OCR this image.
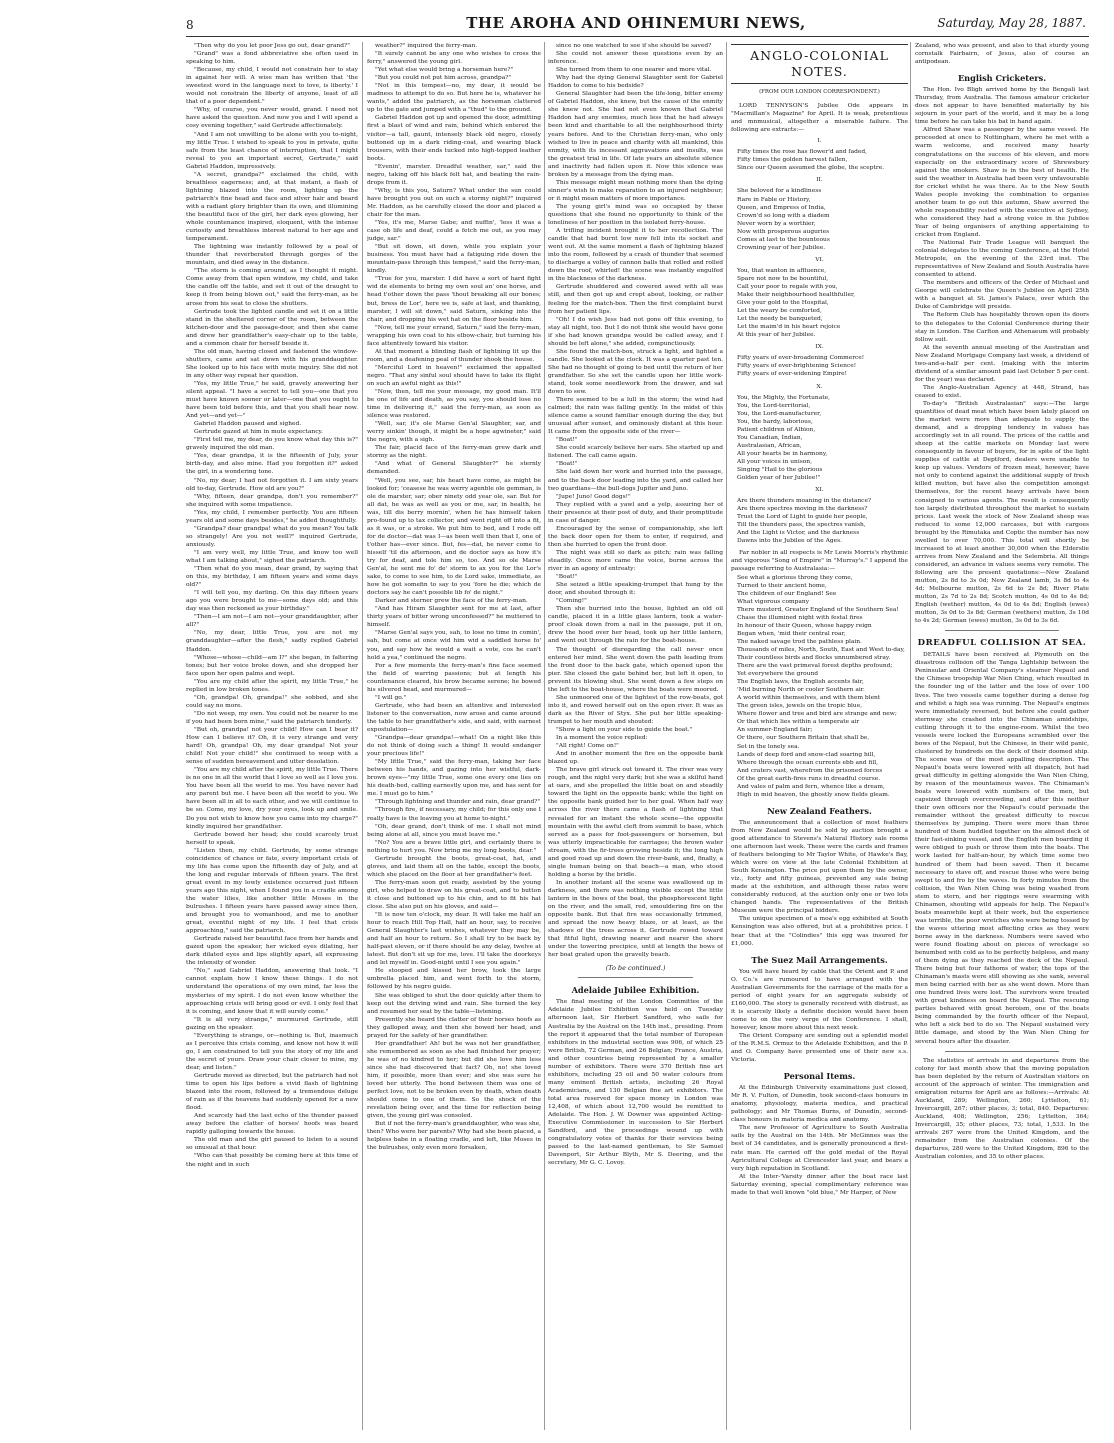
8	THE AROHA AND OHINEMURI NEWS,	Saturday, May 28, 1887.

"Then why do you let poor Jess go out, dear grand?"

"Grand" was a fond abbreviative she often used in speaking to him.

"Because, my child, I would not constrain her to stay in against her will. A wise man has written that 'the sweetest word in the language next to love, is liberty.' I would not constrain the liberty of anyone, least of all that of a poor dependent."

"Why, of course, you never would, grand. I need not have asked the question. And now you and I will spend a cosy evening together," said Gertrude affectionately.

"And I am not unwilling to be alone with you to-night, my little True. I wished to speak to you in private, quite safe from the least chance of interruption, that I might reveal to you an important secret, Gertrude," said Gabriel Haddon, impressively.

"A secret, grandpa?" exclaimed the child, with breathless eagerness; and, at that instant, a flash of lightning blazed into the room, lighting up the patriarch's fine head and face and silver hair and beard with a radiant glory brighter than its own, and illumining the beautiful face of the girl, her dark eyes glowing, her whole countenance inspired, eloquent, with the intense curiosity and breathless interest natural to her age and temperament.

The lightning was instantly followed by a peal of thunder that reverberated through gorges of the mountain, and died away in the distance.

"The storm is coming around, as I thought it might. Come away from that open window, my child, and take the candle off the table, and set it out of the draught to keep it from being blown out," said the ferry-man, as he arose from his seat to close the shutters.

Gertrude took the lighted candle and set it on a little stand in the sheltered corner of the room, between the kitchen-door and the passage-door, and then she came and drew her grandfather's easy-chair up to the table, and a common chair for herself beside it.

The old man, having closed and fastened the window-shutters, came and sat down with his granddaughter. She looked up to his face with mute inquiry. She did not in any other way repeat her question.

"Yes, my little True," he said, gravely answering her silent appeal. "I have a secret to tell you—one that you must have known sooner or later—one that you ought to have been told before this, and that you shall hear now. And yet—and yet—"

Gabriel Haddon paused and sighed.

Gertrude gazed at him in mute expectancy.

"First tell me, my dear, do you know what day this is?" gravely inquired the old man.

"Yes, dear grandpa, it is the fifteenth of July, your birth-day, and also mine. Had you forgotten it?" asked the girl, in a wondering tone.

"No, my dear; I had not forgotten it. I am sixty years old to-day, Gertrude. How old are you?"

"Why, fifteen, dear grandpa, don't you remember?" she inquired with some impatience.

"Yes, my child, I remember perfectly. You are fifteen years old and some days besides," he added thoughtfully.

"Grandpa? dear grandpa! what do you mean? You talk so strangely! Are you not well?" inquired Gertrude, anxiously.

"I am very well, my little True, and know too well what I am talking about," sighed the patriarch.

"Then what do you mean, dear grand, by saying that on this, my birthday, I am fifteen years and some days old?"

"I will tell you, my darling. On this day fifteen years ago you were brought to me—some days old; and this day was then reckoned as your birthday."

"Then—I am not—I am not—your granddaughter, after all?"

"No, my dear, little True, you are not my granddaughter—after the flesh," sadly replied Gabriel Haddon.

"Whose—whose—child—am I?" she began, in faltering tones; but her voice broke down, and she dropped her face upon her open palms and wept.

"You are my child after the spirit, my little True," he replied in low broken tones.

"Oh, grandpa! Oh, grandpa!" she sobbed, and she could say no more.

"Do not weep, my own. You could not be nearer to me if you had been born mine," said the patriarch tenderly.

"But oh, grandpa! not your child! How can I bear it? How can I believe it? Oh, it is very strange and very hard! Oh, grandpa! Oh, my dear grandpa! Not your child! Not your child!" she continued to weep with a sense of sudden bereavement and utter desolation.

"You are my child after the spirit, my little True. There is no one in all the world that I love so well as I love you. You have been all the world to me. You have never had any parent but me. I have been all the world to you. We have been all in all to each other, and we will continue to be so. Come, my love, dry your eyes, look up and smile. Do you not wish to know how you came into my charge?" kindly inquired her grandfather.

Gertrude bowed her head; she could scarcely trust herself to speak.

"Listen then, my child. Gertrude, by some strange coincidence of chance or fate, every important crisis of my life has come upon the fifteenth day of July, and at the long and regular intervals of fifteen years. The first great event in my lowly existence occurred just fifteen years ago this night, when I found you in a cradle among the water lilies, like another little Moses in the bulrushes. I fifteen years have passed away since then, and brought you to womanhood, and me to another great, eventful night of my life. I feel that crisis approaching," said the patriarch.

Gertrude raised her beautiful face from her hands and gazed upon the speaker, her wicked eyes dilating, her dark dilated eyes and lips slightly apart, all expressing the intensity of wonder.

"No," said Gabriel Haddon, answering that look. "I cannot explain how I know these things. I do not understand the operations of my own mind, far less the mysteries of my spirit. I do not even know whether the approaching crisis will bring good or evil. I only feel that it is coming, and know that it will surely come."

"It is all very strange," murmured Gertrude, still gazing on the speaker.

"Everything is strange, or—nothing is. But, inasmuch as I perceive this crisis coming, and know not how it will go, I am constrained to tell you the story of my life and the secret of yours. Draw your chair closer to mine, my dear, and listen."

Gertrude moved as directed, but the patriarch had not time to open his lips before a vivid flash of lightning blazed into the room, followed by a tremendous deluge of rain as if the heavens had suddenly opened for a new flood.

And scarcely had the last echo of the thunder passed away before the clatter of horses' hoofs was heard rapidly galloping towards the house.

The old man and the girl paused to listen to a sound so unusual at that hour.

"Who can that possibly be coming here at this time of the night and in such

weather?" inquired the ferry-man.

"It surely cannot be any one who wishes to cross the ferry," answered the young girl.

"Yet what else would bring a horseman here?"

"But you could not put him across, grandpa?"

"Not in this tempest—no, my dear, it would be madness to attempt to do so. But here he is, whatever he wants," added the patriarch, as the horseman clattered up to the gate and jumped with a "thud" to the ground.

Gabriel Haddon got up and opened the door, admitting first a blast of wind and rain, behind which entered the visitor—a tall, gaunt, intensely black old negro, closely buttoned up in a dark riding-coat, and wearing black trousers, with their ends tucked into high-topped leather boots.

"Evenin', marster. Dreadful weather, sar," said the negro, taking off his black felt hat, and beating the rain-drops from it.

"Why, is this you, Saturn? What under the sun could have brought you out on such a stormy night?" inquired Mr. Haddon, as he carefully closed the door and placed a chair for the man.

"Yes, it's me, Marse Gabe; and nuffin', 'less it was a case ob life and deaf, could a fetch me out, as you may judge, sar."

"But sit down, sit down, while you explain your business. You must have had a fatiguing ride down the mountain-pass through this tempest," said the ferry-man, kindly.

"True for you, marster. I did have a sort of hard fight wid de elements to bring my own soul an' one horse, and head t'other down the pass 'thout breaking all our bones; but, bress de Lor', here we is, safe at last, and thanking, marster, I will sit down," said Saturn, sinking into the chair, and dropping his wet hat on the floor beside him.

"Now, tell me your errand, Saturn," said the ferry-man, wrapping his own coat to his elbow-chair, but turning his face attentively toward his visitor.

At that moment a blinding flash of lightning lit up the room, and a deafening peal of thunder shook the house.

"Merciful Lord in heaven!" exclaimed the appalled negro. "That any sinful soul should have to take its flight on such an awful night as this!"

"Now, then, tell me your message, my good man. It'll be one of life and death, as you say, you should lose no time in delivering it," said the ferry-man, as soon as silence was restored.

"Well, sar, it's ole Marse Gen'al Slaughter, sar, and werry sinkin' though, it might be a hope agwineter," said the negro, with a sigh.

The fair, placid face of the ferry-man grew dark and stormy as the night.

"And what of General Slaughter?" he sternly demanded.

"Well, you see, sar, his heart have come, as might be looked for; 'ceasese he was werry agenble ole gemman, is ole de marster, sar; ober ninety odd year ole, sar. But for all dat, he was as well as you or me, sar, in health, he was, till dis berry mornin', when he has himself taken pro-found up to tax collector, and went right off into a fit, as it was, or a stroke. We put him to bed, and I rode off for de doctor—dat was I—as been well then that I, one of t'other has—ever since. But, fes—dat, he never come to hisself 'til dis afternoon, and de doctor says as how it's try for deaf, and tole him so, too. And so ole Marse Gen'al, he sent me fo' de' storm to ax you for the Lor's sake, to come to see him, to de Lord sake, immediate, as how he got somefin to say to you 'fore he die; which de doctors say he can't possible lib fo' de night."

Darker and sterner grew the face of the ferry-man.

"And has Hiram Slaughter sent for me at last, after thirty years of bitter wrong unconfessed?" he muttered to himself.

"Marse Gen'al says you, sah, to lose no time in comin', sah, but come at once wid him wid a saddled horse fo' you, and say how he would a wait a vote, cos he can't hold a yea," continued the negro.

For a few moments the ferry-man's fine face seemed the field of warring passions; but at length his countenance cleared, his brow became serene; he bowed his silvered head, and murmured—

"I will go."

Gertrude, who had been an attentive and interested listener to the conversation, now arose and came around the table to her grandfather's side, and said, with earnest expostulation—

"Grandpa—dear grandpa!—what! On a night like this do not think of doing such a thing! It would endanger your precious life!"

"My little True," said the ferry-man, taking her face between his hands, and gazing into her wistful, dark-brown eyes—"my little True, some one every one lies on his death-bed, calling earnestly upon me, and has sent for me. I must go to him."

"Through lightning and thunder and rain, dear grand?"

"Through fire, if necessary, my child; for this only one I really have is the leaving you at home to-night."

"Oh, dear grand, don't think of me. I shall not mind being alone at all, since you must leave me."

"No? You are a brave little girl, and certainly there is nothing to hurt you. Now bring me my long boots, dear."

Gertrude brought the boots, great-coat, hat, and gloves, and laid them all on the table, except the boots, which she placed on the floor at her grandfather's feet.

The ferry-man soon got ready, assisted by the young girl, who helped to draw on his great-coat, and to button it close and buttoned up to his chin, and to fit his hat close. She also put on his gloves, and said—

"It is now ten o'clock, my dear. It will take me half an hour to reach Hill Top Hall, half an hour, say, to receive General Slaughter's last wishes, whatever they may be, and half an hour to return. So I shall try to be back by half-past eleven, or if there should be any delay, twelve at latest. But don't sit up for me, love. I'll take the doorkeys and let myself in. Good-night until I see you again."

He stooped and kissed her brow, took the large umbrella placed him, and went forth to the storm, followed by his negro guide.

She was obliged to shut the door quickly after them to keep out the driving wind and rain. She turned the key and resumed her seat by the table—listening.

Presently she heard the clatter of their horses hoofs as they galloped away, and then she bowed her head, and prayed for the safety of her grandfather.

Her grandfather! Ah! but he was not her grandfather, she remembered as soon as she had finished her prayer; he was of no kindred to her; but did she love him less since she had discovered that fact? Oh, no! she loved him, if possible, more than ever; and she was sure he loved her utterly. The bond between them was one of perfect love, not to be broken even by death, when death should come to one of them. So the shock of the revelation being over, and the time for reflection being given, the young girl was consoled.

But if not the ferry-man's granddaughter, who was she, then? Who were her parents? Why had she been placed, a helpless babe in a floating cradle, and left, like Moses in the bulrushes, only even more forsaken,

since no one watched to see if she should be saved?

She could not answer these questions even by an inference.

She turned from them to one nearer and more vital.

Why had the dying General Slaughter sent for Gabriel Haddon to come to his bedside?

General Slaughter had been the life-long, bitter enemy of Gabriel Haddon, she knew, but the cause of the enmity she knew not. She had not even known that Gabriel Haddon had any enemies, much less that he had always been kind and charitable to all the neighbourhood thirty years before. And to the Christian ferry-man, who only wished to live in peace and charity with all mankind, this enmity, with its incessant aggravations and insults, was the greatest trial in life. Of late years an absolute silence and inactivity had fallen upon it. Now this silence was broken by a message from the dying man.

This message might mean nothing more than the dying sinner's wish to make reparation to an injured neighbour; or it might mean matters of more importance.

The young girl's mind was so occupied by these questions that she found no opportunity to think of the loneliness of her position in the isolated ferry-house.

A trifling incident brought it to her recollection. The candle that had burnt low now fell into its socket and went out. At the same moment a flash of lightning blazed into the room, followed by a crash of thunder that seemed to discharge a volley of cannon balls that rolled and rolled down the roof, whirled! the scene was instantly engulfed in the blackness of the darkness.

Gertrude shuddered and cowered awed with all was still, and then got up and crept about, looking, or rather feeling for the match-box. Then the first complaint burst from her patient lips.

"Oh! I do wish Jess had not gone off this evening, to stay all night, too. But I do not think she would have gone if she had known grandpa would be called away, and I should be left alone," she added, compunctiously.

She found the match-box, struck a light, and lighted a candle. She looked at the clock. It was a quarter past ten. She had no thought of going to bed until the return of her grandfather. So she set the candle upon her little work-stand, took some needlework from the drawer, and sat down to sew.

There seemed to be a lull in the storm; the wind had calmed; the rain was falling gently. In the midst of this silence came a sound familiar enough during the day, but unusual after sunset, and ominously distant at this hour. It came from the opposite side of the river—

"Boat!"

She could scarcely believe her ears. She started up and listened. The call came again.

"Boat!"

She laid down her work and hurried into the passage, and to the back door leading into the yard, and called her two guardians—the bull-dogs Jupiter and Juno.

"Jupe! Juno! Good dogs!"

They replied with a yawl and a yelp, assuring her of their presence at their post of duty, and their promptitude in case of danger.

Encouraged by the sense of companionship, she left the back door open for them to enter, if required, and then she hurried to open the front door.

The night was still so dark as pitch; rain was falling steadily. Once more came the voice, borne across the river in an agony of entreaty:

"Boat!"

She seized a little speaking-trumpet that hung by the door, and shouted through it:

"Coming!"

Then she hurried into the house, lighted an old oil candle, placed it in a little glass lantern, took a water-proof cloak down from a nail in the passage, put it on, drew the hood over her head, took up her little lantern, and went out through the rain for the boat-house.

The thought of disregarding the call never once entered her mind. She went down the path leading from the front door to the back gate, which opened upon the pier. She closed the gate behind her, but left it open, to prevent its blowing shut. She went down a few steps on the left to the boat-house, where the boats were moored.

She unmoored one of the lightest of the row-boats, got into it, and rowed herself out on the open river. It was as dark as the River of Styx. She put her little speaking-trumpet to her mouth and shouted:

"Show a light on your side to guide the boat."

In a moment the voice replied:

"All right! Come on!"

And in another moment the fire on the opposite bank blazed up.

The brave girl struck out toward it. The river was very rough, and the night very dark; but she was a skilful hand at oars, and she propelled the little boat on and steadily toward the light on the opposite bank; while the light on the opposite bank guided her to her goal. When half way across the river there came a flash of lightning that revealed for an instant the whole scene—the opposite mountain with the awful cleft from summit to base, which served as a pass for foot-passengers or horsemen, but was utterly impracticable for carriages; the brown water stream, with the fir-trees growing beside it; the long high and good road up and down the river-bank, and, finally, a single human being on that beach—a man, who stood holding a horse by the bridle.

In another instant all the scene was swallowed up in darkness, and there was nothing visible except the little lantern in the bows of the boat, the phosphorescent light on the river, and the small, red, smouldering fire on the opposite bank. But that fire was occasionally trimmed, and spread the now heavy blaze, or at least, as the shadows of the trees across it. Gertrude rowed toward that fitful light, drawing nearer and nearer the shore under the towering precipice, until at length the bows of her boat grated upon the gravelly beach.

(To be continued.)
Adelaide Jubilee Exhibition.

The final meeting of the London Committee of the Adelaide Jubilee Exhibition was held on Tuesday afternoon last, Sir Herbert Sandford, who sails for Australia by the Austral on the 14th inst., presiding. From the report it appeared that the total number of European exhibitors in the industrial section was 906, of which 25 were British, 72 German, and 26 Belgian; France, Austria, and other countries being represented by a smaller number of exhibitors. There were 370 British fine art exhibitors, including 25 oil and 50 water colours from many eminent British artists, including 26 Royal Academicians, and 130 Belgian fine art exhibitors. The total area reserved for space money in London was 12,408, of which about 12,700 would be remitted to Adelaide. The Hon. J. W. Downer was appointed Acting-Executive Commissioner in succession to Sir Herbert Sandford, and the proceedings wound up with congratulatory votes of thanks for their services being passed to the last-named gentleman, to Sir Samuel Davenport, Sir Arthur Blyth, Mr S. Deering, and the secretary, Mr G. C. Lovoy.

ANGLO-COLONIAL NOTES.
(FROM OUR LONDON CORRESPONDENT.)

LORD TENNYSON'S Jubilee Ode appears in "Macmillan's Magazine" for April. It is weak, pretentious and mnmusical, altogether a miserable failure. The following are extracts:—

I.
Fifty times the rose has flower'd and faded,
Fifty times the golden harvest fallen,
Since our Queen assumed the globe, the sceptre.
II.
She beloved for a kindliness
Rare in Fable or History,
Queen, and Empress of India,
Crown'd so long with a diadem
Never worn by a worthier,
Now with prosperous auguries
Comes at last to the bounteous
Crowning year of her Jubilee.
VI.
You, that wanton in affluence,
Spare not now to be bountiful,
Call your poor to regale with you,
Make their neighbourhood healthfuller,
Give your gold to the Hospital,
Let the weary be comforted,
Let the needy be banqueted,
Let the maim'd in his heart rejoice
At this year of her Jubilee.
IX.
Fifty years of ever-broadening Commerce!
Fifty years of ever-brightening Science!
Fifty years of ever-widening Empire!
X.
You, the Mighty, the Fortunate,
You, the Lord-territorial,
You, the Lord-manufacturer,
You, the hardy, laborious,
Patient children of Albion,
You Canadian, Indian,
Australasian, African,
All your hearts be in harmony,
All your voices in unison,
Singing "Hail to the glorious
Golden year of her Jubilee!"
XI.
Are there thunders moaning in the distance?
Are there spectres moving in the darkness?
Trust the Lord of Light to guide her people,
Till the thunders pass, the spectres vanish,
And the Light is Victor, and the darkness
Dawns into the Jubilee of the Ages.

Far nobler in all respects is Mr Lewis Morris's rhythmic and vigorous "Song of Empire" in "Murray's." I append the passage referring to Australasia:—

See what a glorious throng they come,
Turned to their ancient home,
The children of our England! See
What vigorous company
There musterd, Greater England of the Southern Sea!
Chase the illumined night with festal fires
In honour of their Queen, whose happy reign
Began when, 'mid their central roar,
The naked savage trod the pathless plain.
Thousands of miles, North, South, East and West to-day,
Their countless birds and flocks unnumbered stray.
There are the vast primeval forest depths profound;
Yet everywhere the ground
The English laws, the English accents fair,
'Mid burning North or cooler Southern air.
A world within themselves, and with them blent
The green isles, jewels on the tropic blue,
Where flower and tree and bird are strange and new;
Or that which lies within a temperate air
An summer-England fair;
Or there, our Southern Britain that shall be,
Set in the lonely sea.
Lands of deep ford and snow-clad soaring hill,
Where through the ocean currents ebb and fill,
And craters vast, wherefrom the prisoned forces
Of the great earth-fires runs in dreadful course.
And vales of palm and fern, whence like a dream,
High in mid heaven, the ghostly snow fields gleam.
New Zealand Feathers.

The announcement that a collection of most feathers from New Zealand would be sold by auction brought a good attendance to Stevens's Natural History sale rooms one afternoon last week. These were the cards and frames of feathers belonging to Mr Taylor White, of Hawke's Bay, which were on view at the late Colonial Exhibition at South Kensington. The price put upon them by the owner, viz., forty and fifty guineas, prevented any sale being made at the exhibition, and although these rates were considerably reduced, at the auction only one or two lots changed hands. The representatives of the British Museum were the principal bidders.

The unique specimen of a moa's egg exhibited at South Kensington was also offered, but at a prohibitive price. I hear that at the "Colindies" this egg was insured for £1,000.

The Suez Mail Arrangements.

You will have heard by cable that the Orient and P. and O. Co.'s are rumoured to have arranged with the Australian Governments for the carriage of the mails for a period of eight years for an aggregate subsidy of £160,000. The story is generally received with distrust, as it is scarcely likely a definite decision would have been come to on the very verge of the Conference. I shall, however, know more about this next week.

The Orient Company are sending out a splendid model of the R.M.S. Ormuz to the Adelaide Exhibition, and the P. and O. Company have presented one of their new s.s. Victoria.

Personal Items.

At the Edinburgh University examinations just closed, Mr R. V. Fulton, of Dunedin, took second-class honours in anatomy, physiology, materia medica, and practical pathology; and Mr Thomas Burns, of Dunedin, second-class honours in materia medica and anatomy.

The new Professor of Agriculture to South Australia sails by the Austral on the 14th. Mr McGinnes was the best of 34 candidates, and is generally pronounced a first-rate man. He carried off the gold medal of the Royal Agricultural College at Cirencester last year, and bears a very high reputation in Scotland.

At the Inter-'Varsity dinner after the boat race last Saturday evening, special complimentary reference was made to that well known "old blue," Mr Harper, of New

Zealand, who was present, and also to that sturdy young cornstalk Fairbairn, of Jesus, also of course an antipodean.

English Cricketers.

The Hon. Ivo Bligh arrived home by the Bengali last Thursday, from Australia. The famous amateur cricketer does not appear to have benefited materially by his sojourn in your part of the world, and it may be a long time before he can take his bat in hand again.

Alfred Shaw was a passenger by the same vessel. He proceeded at once to Nottingham, where he met with a warm welcome, and received many hearty congratulations on the success of his eleven, and more especially on the extraordinary score of Shrewsbury against the smokers. Shaw is in the best of health. He said the weather in Australia had been very unfavourable for cricket whilst he was there. As to the New South Wales people invoking the combination to organise another team to go out this autumn, Shaw averred the whole responsibility rested with the executive at Sydney, who considered they had a strong voice in the Jubilee Year of being organisers of anything appertaining to cricket from England.

The National Fair Trade League will banquet the colonial delegates to the coming Conference, at the Hotel Metropole, on the evening of the 23rd inst. The representatives of New Zealand and South Australia have consented to attend.

The members and officers of the Order of Michael and George will celebrate the Queen's Jubilee on April 25th with a banquet at St. James's Palace, over which the Duke of Cambridge will preside.

The Reform Club has hospitably thrown open its doors to the delegates to the Colonial Conference during their stay in London. The Carlton and Athenaeum will probably follow suit.

At the seventh annual meeting of the Australian and New Zealand Mortgage Company last week, a dividend of two-and-a-half per cent. (making with the interim dividend of a similar amount paid last October 5 per cent. for the year) was declared.

The Anglo-Australian Agency at 448, Strand, has ceased to exist.

To-day's "British Australasian" says:—The large quantities of dead meat which have been lately placed on the market were more than adequate to supply the demand, and a dropping tendency in values has accordingly set in all round. The prices of the cattle and sheep at the cattle markets on Monday last were consequently in favour of buyers, for in spite of the light supplies of cattle at Deptford, dealers were unable to keep up values. Vendors of frozen meat, however, have not only to contend against the additional supply of fresh killed mutton, but have also the competition amongst themselves, for the recent heavy arrivals have been consigned to various agents. The result is consequently too largely distributed throughout the market to sustain prices. Last week the stock of New Zealand sheep was reduced to some 12,000 carcases, but with cargoes brought by the Rimutaka and Coptic the number has now swelled to over 70,000. This total will shortly be increased to at least another 30,000 when the Elderslie arrives from New Zealand and the Selembria. All things considered, an advance in values seems very remote. The following are the present quotations:—New Zealand mutton, 2s 8d to 3s 0d; New Zealand lamb, 3s 8d to 4s 4d; Melbourne mutton, 2s 6d to 2s 8d; River Plate mutton, 2s 7d to 2s 8d; Scotch mutton, 4s 0d to 4s 8d; English (wether) mutton, 4s 0d to 4s 8d; English (ewes) mutton, 3s 0d to 3s 8d; German (wethers) mutton, 3s 10d to 4s 2d; German (ewes) mutton, 3s 0d to 3s 6d.

DREADFUL COLLISION AT SEA.

DETAILS have been received at Plymouth on the disastrous collision off the Tanga Lightship between the Peninsular and Oriental Company's steamer Nepaul and the Chinese troopship War Nien Ching, which resulted in the founder ing of the latter and the loss of over 100 lives. The two vessels came together during a dense fog and whilst a high sea was running. The Nepaul's engines were immediately reversed, but before she could gather sternway she crashed into the Chinaman amidships, cutting through it to the engine-room. Whilst the two vessels were locked the Europeans scrambled over the bows of the Nepaul, but the Chinese, in their wild panic, clustered by hundreds on the deck of their doomed ship. The scene was of the most appalling description. The Nepaul's boats were lowered with all dispatch, but had great difficulty in getting alongside the Wan Nien Ching, by reason of the mountainous waves. The Chinaman's boats were lowered with numbers of the men, but capsized through overcrowding, and after this neither their own officers nor the Nepaul's could persuade the remainder without the greatest difficulty to rescue themselves by jumping. There were more than three hundred of them huddled together on the almost deck of their fast-sinking vessel, and the English men boarding it were obliged to push or throw them into the boats. The work lasted for half-an-hour, by which time some two hundred of them had been saved. Then it became necessary to stave off, and rescue those who were being swept to and fro by the waves. In forty minutes from the collision, the Wan Nien Ching was being washed from stem to stern, and her riggings were swarming with Chinamen, shouting wild appeals for help. The Nepaul's boats meanwhile kept at their work, but the experience was terrible, the poor wretches who were being tossed by the waves uttering most affecting cries as they were borne away in the darkness. Numbers were saved who were found floating about on pieces of wreckage so benumbed with cold as to be perfectly helpless, and many of them dying as they reached the deck of the Nepaul. There being but four fathoms of water, the tops of the Chinaman's masts were still showing as she sank, several men being carried with her as she went down. More than one hundred lives were lost. The survivors were treated with great kindness on board the Nepaul. The rescuing parties behaved with great heroism, one of the boats being commanded by the fourth officer of the Nepaul, who left a sick bed to do so. The Nepaul sustained very little damage, and stood by the Wan Nien Ching for several hours after the disaster.

The statistics of arrivals in and departures from the colony for last month show that the moving population has been depleted by the return of Australian visitors on account of the approach of winter. The immigration and emigration returns for April are as follows:—Arrivals: At Auckland, 289; Wellington, 260; Lyttelton, 61; Invercargill, 267; other places, 3; total, 840. Departures: Auckland, 408; Wellington, 256; Lyttelton, 364; Invercargill, 35; other places, 73; total, 1,533. In the arrivals 267 were from the United Kingdom, and the remainder from the Australian colonies. Of the departures, 280 were to the United Kingdom, 896 to the Australian colonies, and 35 to other places.
